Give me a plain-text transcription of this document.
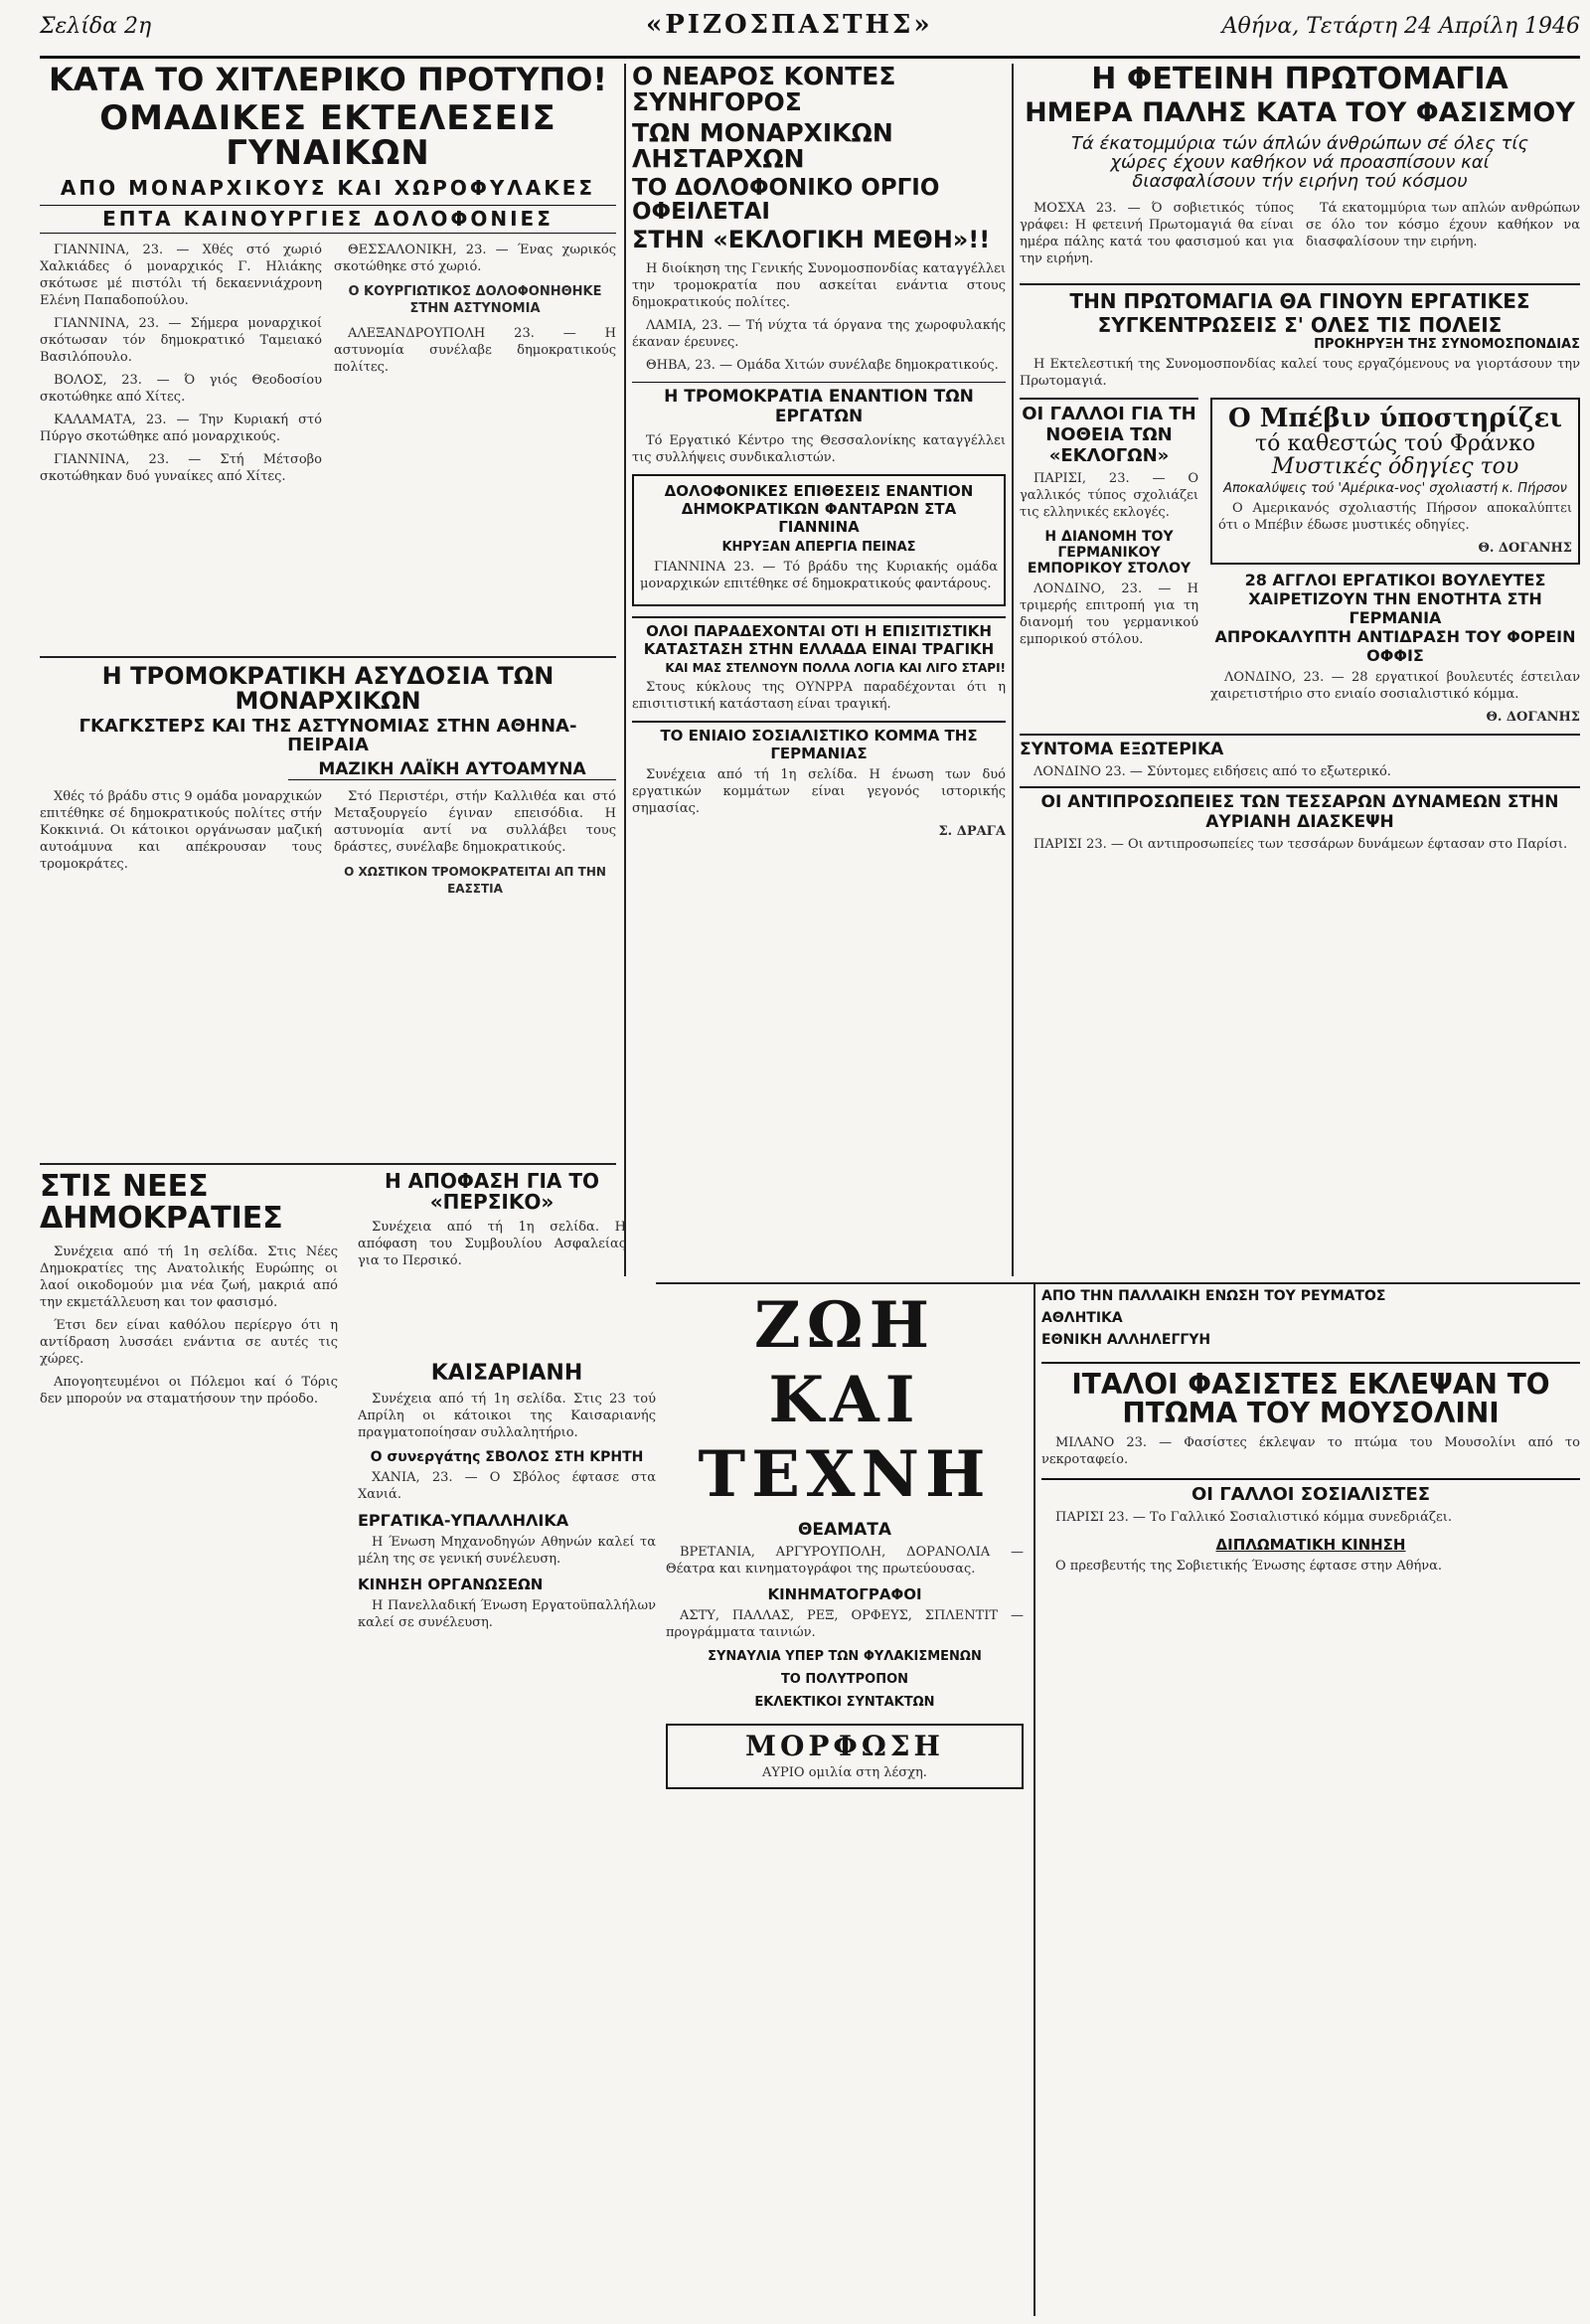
Σελίδα 2η	«ΡΙΖΟΣΠΑΣΤΗΣ»	Αθήνα, Τετάρτη 24 Απρίλη 1946
ΚΑΤΑ ΤΟ ΧΙΤΛΕΡΙΚΟ ΠΡΟΤΥΠΟ!
ΟΜΑΔΙΚΕΣ ΕΚΤΕΛΕΣΕΙΣ ΓΥΝΑΙΚΩΝ
ΑΠΟ ΜΟΝΑΡΧΙΚΟΥΣ ΚΑΙ ΧΩΡΟΦΥΛΑΚΕΣ
ΕΠΤΑ ΚΑΙΝΟΥΡΓΙΕΣ ΔΟΛΟΦΟΝΙΕΣ

ΓΙΑΝΝΙΝΑ, 23. — Χθές στό χωριό Χαλκιάδες ό μοναρχικός Γ. Ηλιάκης σκότωσε μέ πιστόλι τή δεκαεννιάχρονη Ελένη Παπαδοπούλου.

ΓΙΑΝΝΙΝΑ, 23. — Σήμερα μοναρχικοί σκότωσαν τόν δημοκρατικό Ταμειακό Βασιλόπουλο.

ΒΟΛΟΣ, 23. — Ό γιός Θεοδοσίου σκοτώθηκε από Χίτες.

ΚΑΛΑΜΑΤΑ, 23. — Την Κυριακή στό Πύργο σκοτώθηκε από μοναρχικούς.

ΓΙΑΝΝΙΝΑ, 23. — Στή Μέτσοβο σκοτώθηκαν δυό γυναίκες από Χίτες.

ΘΕΣΣΑΛΟΝΙΚΗ, 23. — Ένας χωρικός σκοτώθηκε στό χωριό.

Ο ΚΟΥΡΓΙΩΤΙΚΟΣ ΔΟΛΟΦΟΝΗΘΗΚΕ ΣΤΗΝ ΑΣΤΥΝΟΜΙΑ

ΑΛΕΞΑΝΔΡΟΥΠΟΛΗ 23. — Η αστυνομία συνέλαβε δημοκρατικούς πολίτες.

Η ΤΡΟΜΟΚΡΑΤΙΚΗ ΑΣΥΔΟΣΙΑ ΤΩΝ ΜΟΝΑΡΧΙΚΩΝ
ΓΚΑΓΚΣΤΕΡΣ ΚΑΙ ΤΗΣ ΑΣΤΥΝΟΜΙΑΣ ΣΤΗΝ ΑΘΗΝΑ-ΠΕΙΡΑΙΑ
ΜΑΖΙΚΗ ΛΑΪΚΗ ΑΥΤΟΑΜΥΝΑ

Χθές τό βράδυ στις 9 ομάδα μοναρχικών επιτέθηκε σέ δημοκρατικούς πολίτες στήν Κοκκινιά. Οι κάτοικοι οργάνωσαν μαζική αυτοάμυνα και απέκρουσαν τους τρομοκράτες.

Στό Περιστέρι, στήν Καλλιθέα και στό Μεταξουργείο έγιναν επεισόδια. Η αστυνομία αντί να συλλάβει τους δράστες, συνέλαβε δημοκρατικούς.

Ο ΧΩΣΤΙΚΟΝ ΤΡΟΜΟΚΡΑΤΕΙΤΑΙ ΑΠ ΤΗΝ ΕΑΣΣΤΙΑ
ΣΤΙΣ ΝΕΕΣ ΔΗΜΟΚΡΑΤΙΕΣ

Συνέχεια από τή 1η σελίδα. Στις Νέες Δημοκρατίες της Ανατολικής Ευρώπης οι λαοί οικοδομούν μια νέα ζωή, μακριά από την εκμετάλλευση και τον φασισμό.

Έτσι δεν είναι καθόλου περίεργο ότι η αντίδραση λυσσάει ενάντια σε αυτές τις χώρες.

Απογοητευμένοι οι Πόλεμοι καί ό Τόρις δεν μπορούν να σταματήσουν την πρόοδο.

Ο ΝΕΑΡΟΣ ΚΟΝΤΕΣ ΣΥΝΗΓΟΡΟΣ
ΤΩΝ ΜΟΝΑΡΧΙΚΩΝ ΛΗΣΤΑΡΧΩΝ
ΤΟ ΔΟΛΟΦΟΝΙΚΟ ΟΡΓΙΟ ΟΦΕΙΛΕΤΑΙ
ΣΤΗΝ «ΕΚΛΟΓΙΚΗ ΜΕΘΗ»!!

Η διοίκηση της Γενικής Συνομοσπονδίας καταγγέλλει την τρομοκρατία που ασκείται ενάντια στους δημοκρατικούς πολίτες.

ΛΑΜΙΑ, 23. — Τή νύχτα τά όργανα της χωροφυλακής έκαναν έρευνες.

ΘΗΒΑ, 23. — Ομάδα Χιτών συνέλαβε δημοκρατικούς.

Η ΤΡΟΜΟΚΡΑΤΙΑ ΕΝΑΝΤΙΟΝ ΤΩΝ ΕΡΓΑΤΩΝ

Τό Εργατικό Κέντρο της Θεσσαλονίκης καταγγέλλει τις συλλήψεις συνδικαλιστών.

ΔΟΛΟΦΟΝΙΚΕΣ ΕΠΙΘΕΣΕΙΣ ΕΝΑΝΤΙΟΝ ΔΗΜΟΚΡΑΤΙΚΩΝ ΦΑΝΤΑΡΩΝ ΣΤΑ ΓΙΑΝΝΙΝΑ
ΚΗΡΥΞΑΝ ΑΠΕΡΓΙΑ ΠΕΙΝΑΣ

ΓΙΑΝΝΙΝΑ 23. — Τό βράδυ της Κυριακής ομάδα μοναρχικών επιτέθηκε σέ δημοκρατικούς φαντάρους.

ΟΛΟΙ ΠΑΡΑΔΕΧΟΝΤΑΙ ΟΤΙ Η ΕΠΙΣΙΤΙΣΤΙΚΗ ΚΑΤΑΣΤΑΣΗ ΣΤΗΝ ΕΛΛΑΔΑ ΕΙΝΑΙ ΤΡΑΓΙΚΗ
ΚΑΙ ΜΑΣ ΣΤΕΛΝΟΥΝ ΠΟΛΛΑ ΛΟΓΙΑ ΚΑΙ ΛΙΓΟ ΣΤΑΡΙ!

Στους κύκλους της ΟΥΝΡΡΑ παραδέχονται ότι η επισιτιστική κατάσταση είναι τραγική.

ΤΟ ΕΝΙΑΙΟ ΣΟΣΙΑΛΙΣΤΙΚΟ ΚΟΜΜΑ ΤΗΣ ΓΕΡΜΑΝΙΑΣ

Συνέχεια από τή 1η σελίδα. Η ένωση των δυό εργατικών κομμάτων είναι γεγονός ιστορικής σημασίας.

Σ. ΔΡΑΓΑ
Η ΑΠΟΦΑΣΗ ΓΙΑ ΤΟ «ΠΕΡΣΙΚΟ»

Συνέχεια από τή 1η σελίδα. Η απόφαση του Συμβουλίου Ασφαλείας για το Περσικό.

ΚΑΙΣΑΡΙΑΝΗ

Συνέχεια από τή 1η σελίδα. Στις 23 τού Απρίλη οι κάτοικοι της Καισαριανής πραγματοποίησαν συλλαλητήριο.

Ο συνεργάτης ΣΒΟΛΟΣ ΣΤΗ ΚΡΗΤΗ

ΧΑΝΙΑ, 23. — Ο Σβόλος έφτασε στα Χανιά.

ΕΡΓΑΤΙΚΑ-ΥΠΑΛΛΗΛΙΚΑ

Η Ένωση Μηχανοδηγών Αθηνών καλεί τα μέλη της σε γενική συνέλευση.

ΚΙΝΗΣΗ ΟΡΓΑΝΩΣΕΩΝ

Η Πανελλαδική Ένωση Εργατοϋπαλλήλων καλεί σε συνέλευση.

Η ΦΕΤΕΙΝΗ ΠΡΩΤΟΜΑΓΙΑ
ΗΜΕΡΑ ΠΑΛΗΣ ΚΑΤΑ ΤΟΥ ΦΑΣΙΣΜΟΥ
Τά έκατομμύρια τών άπλών άνθρώπων σέ όλες τίς χώρες έχουν καθήκον νά προασπίσουν καί διασφαλίσουν τήν ειρήνη τού κόσμου

ΜΟΣΧΑ 23. — Ό σοβιετικός τύπος γράφει: Η φετεινή Πρωτομαγιά θα είναι ημέρα πάλης κατά του φασισμού και για την ειρήνη.

Τά εκατομμύρια των απλών ανθρώπων σε όλο τον κόσμο έχουν καθήκον να διασφαλίσουν την ειρήνη.

ΤΗΝ ΠΡΩΤΟΜΑΓΙΑ ΘΑ ΓΙΝΟΥΝ ΕΡΓΑΤΙΚΕΣ
ΣΥΓΚΕΝΤΡΩΣΕΙΣ Σ' ΟΛΕΣ ΤΙΣ ΠΟΛΕΙΣ
ΠΡΟΚΗΡΥΞΗ ΤΗΣ ΣΥΝΟΜΟΣΠΟΝΔΙΑΣ

Η Εκτελεστική της Συνομοσπονδίας καλεί τους εργαζόμενους να γιορτάσουν την Πρωτομαγιά.

ΟΙ ΓΑΛΛΟΙ ΓΙΑ ΤΗ ΝΟΘΕΙΑ ΤΩΝ «ΕΚΛΟΓΩΝ»

ΠΑΡΙΣΙ, 23. — Ο γαλλικός τύπος σχολιάζει τις ελληνικές εκλογές.

Η ΔΙΑΝΟΜΗ ΤΟΥ ΓΕΡΜΑΝΙΚΟΥ ΕΜΠΟΡΙΚΟΥ ΣΤΟΛΟΥ

ΛΟΝΔΙΝΟ, 23. — Η τριμερής επιτροπή για τη διανομή του γερμανικού εμπορικού στόλου.

Ο Μπέβιν ύποστηρίζει
τό καθεστώς τού Φράνκο
Μυστικές όδηγίες του
Αποκαλύψεις τού 'Αμέρικα-νος' σχολιαστή κ. Πήρσον

Ο Αμερικανός σχολιαστής Πήρσον αποκαλύπτει ότι ο Μπέβιν έδωσε μυστικές οδηγίες.

Θ. ΔΟΓΑΝΗΣ
28 ΑΓΓΛΟΙ ΕΡΓΑΤΙΚΟΙ ΒΟΥΛΕΥΤΕΣ
ΧΑΙΡΕΤΙΖΟΥΝ ΤΗΝ ΕΝΟΤΗΤΑ ΣΤΗ ΓΕΡΜΑΝΙΑ
ΑΠΡΟΚΑΛΥΠΤΗ ΑΝΤΙΔΡΑΣΗ ΤΟΥ ΦΟΡΕΙΝ ΟΦΦΙΣ

ΛΟΝΔΙΝΟ, 23. — 28 εργατικοί βουλευτές έστειλαν χαιρετιστήριο στο ενιαίο σοσιαλιστικό κόμμα.

Θ. ΔΟΓΑΝΗΣ
ΣΥΝΤΟΜΑ ΕΞΩΤΕΡΙΚΑ

ΛΟΝΔΙΝΟ 23. — Σύντομες ειδήσεις από το εξωτερικό.

ΟΙ ΑΝΤΙΠΡΟΣΩΠΕΙΕΣ ΤΩΝ ΤΕΣΣΑΡΩΝ ΔΥΝΑΜΕΩΝ ΣΤΗΝ ΑΥΡΙΑΝΗ ΔΙΑΣΚΕΨΗ

ΠΑΡΙΣΙ 23. — Οι αντιπροσωπείες των τεσσάρων δυνάμεων έφτασαν στο Παρίσι.

ΖΩΗ ΚΑΙ ΤΕΧΝΗ
ΘΕΑΜΑΤΑ

ΒΡΕΤΑΝΙΑ, ΑΡΓΥΡΟΥΠΟΛΗ, ΔΟΡΑΝΟΛΙΑ — Θέατρα και κινηματογράφοι της πρωτεύουσας.

ΚΙΝΗΜΑΤΟΓΡΑΦΟΙ

ΑΣΤΥ, ΠΑΛΛΑΣ, ΡΕΞ, ΟΡΦΕΥΣ, ΣΠΛΕΝΤΙΤ — προγράμματα ταινιών.

ΣΥΝΑΥΛΙΑ ΥΠΕΡ ΤΩΝ ΦΥΛΑΚΙΣΜΕΝΩΝ
ΤΟ ΠΟΛΥΤΡΟΠΟΝ
ΕΚΛΕΚΤΙΚΟΙ ΣΥΝΤΑΚΤΩΝ
ΜΟΡΦΩΣΗ
ΑΥΡΙΟ ομιλία στη λέσχη.
ΑΠΟ ΤΗΝ ΠΑΛΛΑΙΚΗ ΕΝΩΣΗ ΤΟΥ ΡΕΥΜΑΤΟΣ
ΑΘΛΗΤΙΚΑ
ΕΘΝΙΚΗ ΑΛΛΗΛΕΓΓΥΗ
ΙΤΑΛΟΙ ΦΑΣΙΣΤΕΣ ΕΚΛΕΨΑΝ ΤΟ ΠΤΩΜΑ ΤΟΥ ΜΟΥΣΟΛΙΝΙ

ΜΙΛΑΝΟ 23. — Φασίστες έκλεψαν το πτώμα του Μουσολίνι από το νεκροταφείο.

ΟΙ ΓΑΛΛΟΙ ΣΟΣΙΑΛΙΣΤΕΣ

ΠΑΡΙΣΙ 23. — Το Γαλλικό Σοσιαλιστικό κόμμα συνεδριάζει.

ΔΙΠΛΩΜΑΤΙΚΗ ΚΙΝΗΣΗ

Ο πρεσβευτής της Σοβιετικής Ένωσης έφτασε στην Αθήνα.
